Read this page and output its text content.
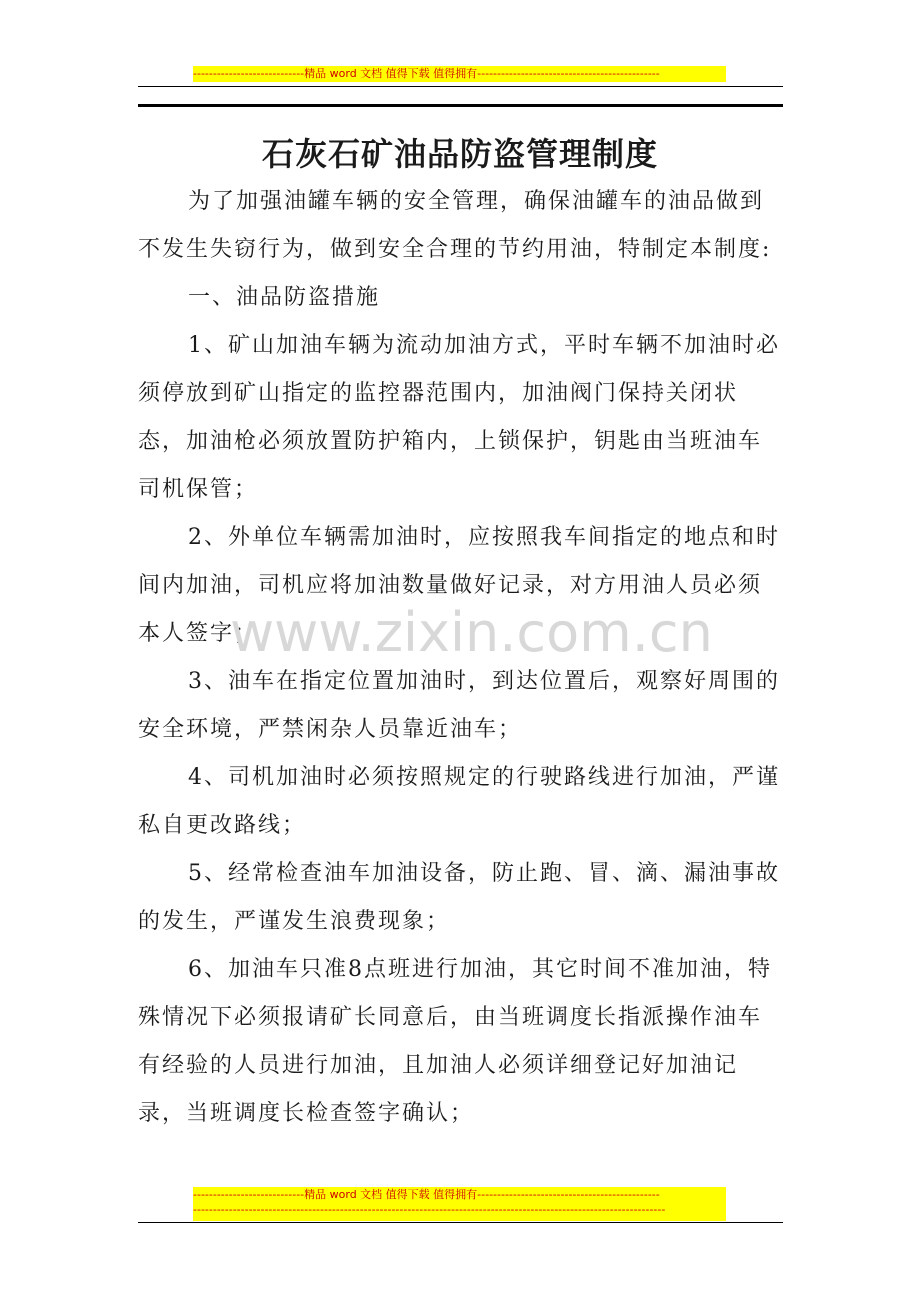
----------------------------精品 word 文档 值得下载 值得拥有----------------------------------------------
石灰石矿油品防盗管理制度

为了加强油罐车辆的安全管理，确保油罐车的油品做到不发生失窃行为，做到安全合理的节约用油，特制定本制度:

一、油品防盗措施

1、矿山加油车辆为流动加油方式，平时车辆不加油时必须停放到矿山指定的监控器范围内，加油阀门保持关闭状态，加油枪必须放置防护箱内，上锁保护，钥匙由当班油车司机保管；

2、外单位车辆需加油时，应按照我车间指定的地点和时间内加油，司机应将加油数量做好记录，对方用油人员必须本人签字；

3、油车在指定位置加油时，到达位置后，观察好周围的安全环境，严禁闲杂人员靠近油车；

4、司机加油时必须按照规定的行驶路线进行加油，严谨私自更改路线；

5、经常检查油车加油设备，防止跑、冒、滴、漏油事故的发生，严谨发生浪费现象；

6、加油车只准8点班进行加油，其它时间不准加油，特殊情况下必须报请矿长同意后，由当班调度长指派操作油车有经验的人员进行加油，且加油人必须详细登记好加油记录，当班调度长检查签字确认；

www.zixin.com.cn
----------------------------精品 word 文档 值得下载 值得拥有----------------------------------------------
-----------------------------------------------------------------------------------------------------------------------
